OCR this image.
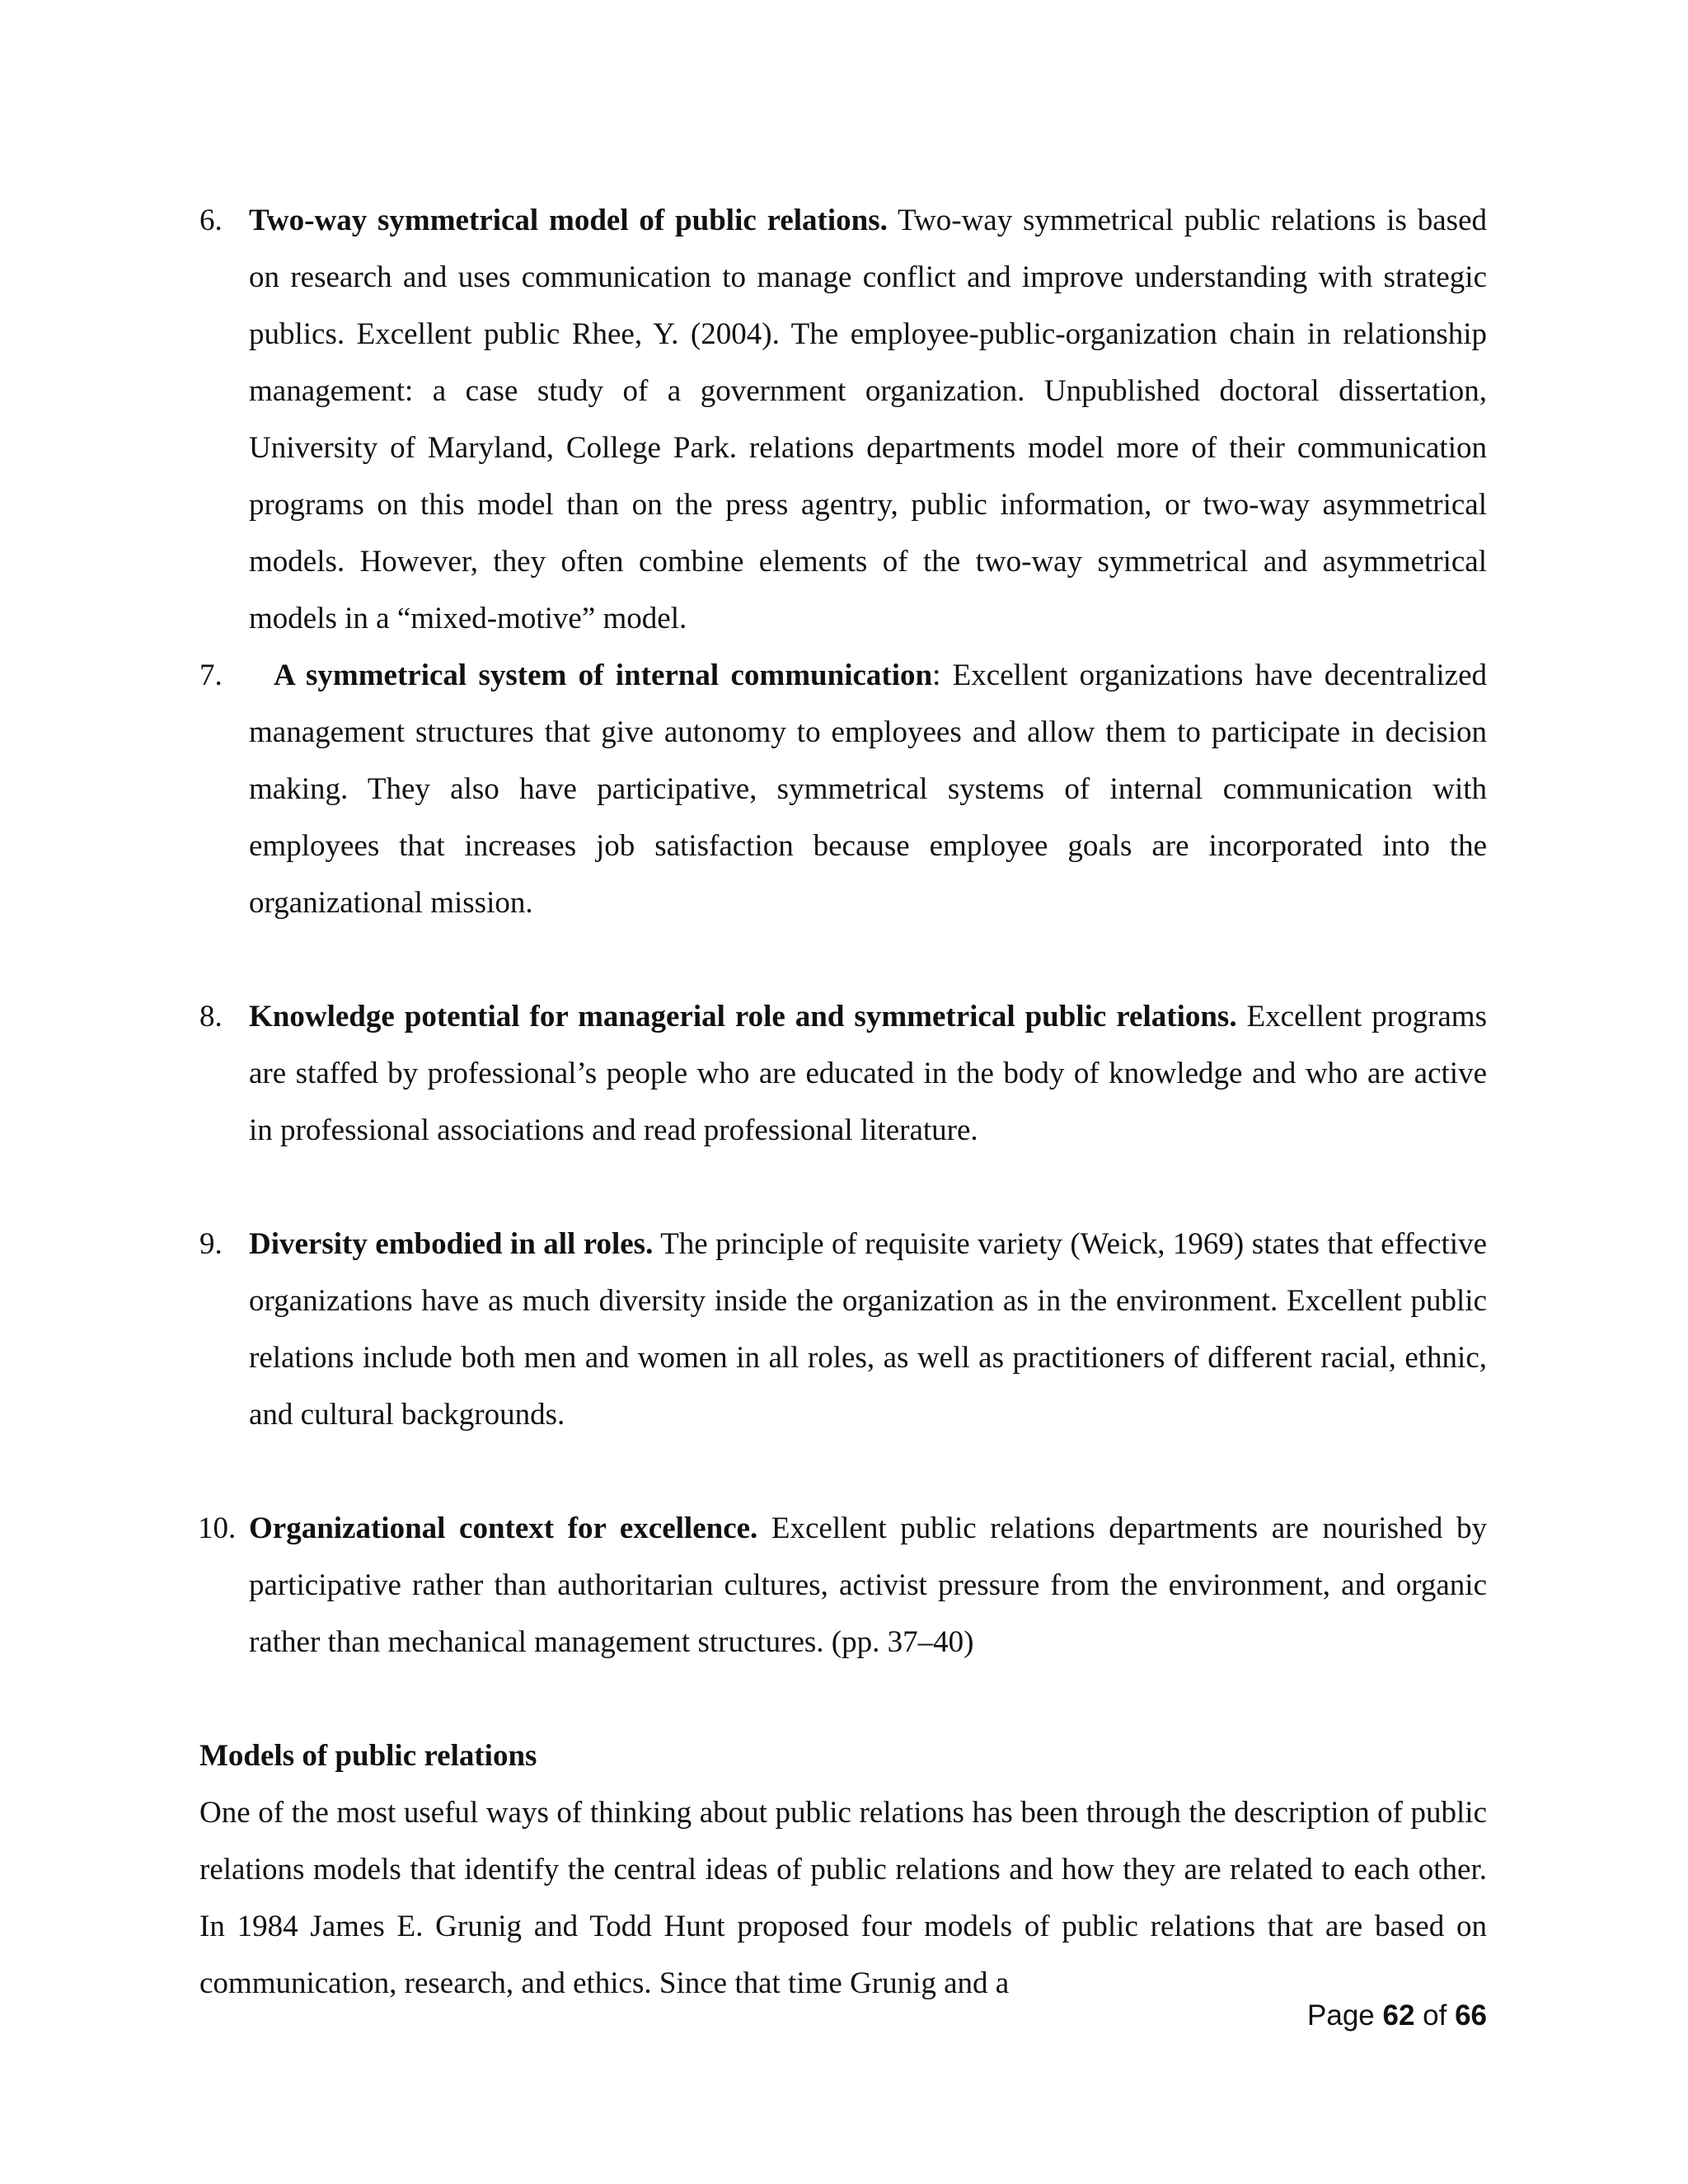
6. Two-way symmetrical model of public relations. Two-way symmetrical public relations is based on research and uses communication to manage conflict and improve understanding with strategic publics. Excellent public Rhee, Y. (2004). The employee-public-organization chain in relationship management: a case study of a government organization. Unpublished doctoral dissertation, University of Maryland, College Park. relations departments model more of their communication programs on this model than on the press agentry, public information, or two-way asymmetrical models. However, they often combine elements of the two-way symmetrical and asymmetrical models in a “mixed-motive” model.
7. A symmetrical system of internal communication: Excellent organizations have decentralized management structures that give autonomy to employees and allow them to participate in decision making. They also have participative, symmetrical systems of internal communication with employees that increases job satisfaction because employee goals are incorporated into the organizational mission.
8. Knowledge potential for managerial role and symmetrical public relations. Excellent programs are staffed by professional’s people who are educated in the body of knowledge and who are active in professional associations and read professional literature.
9. Diversity embodied in all roles. The principle of requisite variety (Weick, 1969) states that effective organizations have as much diversity inside the organization as in the environment. Excellent public relations include both men and women in all roles, as well as practitioners of different racial, ethnic, and cultural backgrounds.
10. Organizational context for excellence. Excellent public relations departments are nourished by participative rather than authoritarian cultures, activist pressure from the environment, and organic rather than mechanical management structures. (pp. 37–40)
Models of public relations
One of the most useful ways of thinking about public relations has been through the description of public relations models that identify the central ideas of public relations and how they are related to each other. In 1984 James E. Grunig and Todd Hunt proposed four models of public relations that are based on communication, research, and ethics. Since that time Grunig and a
Page 62 of 66
